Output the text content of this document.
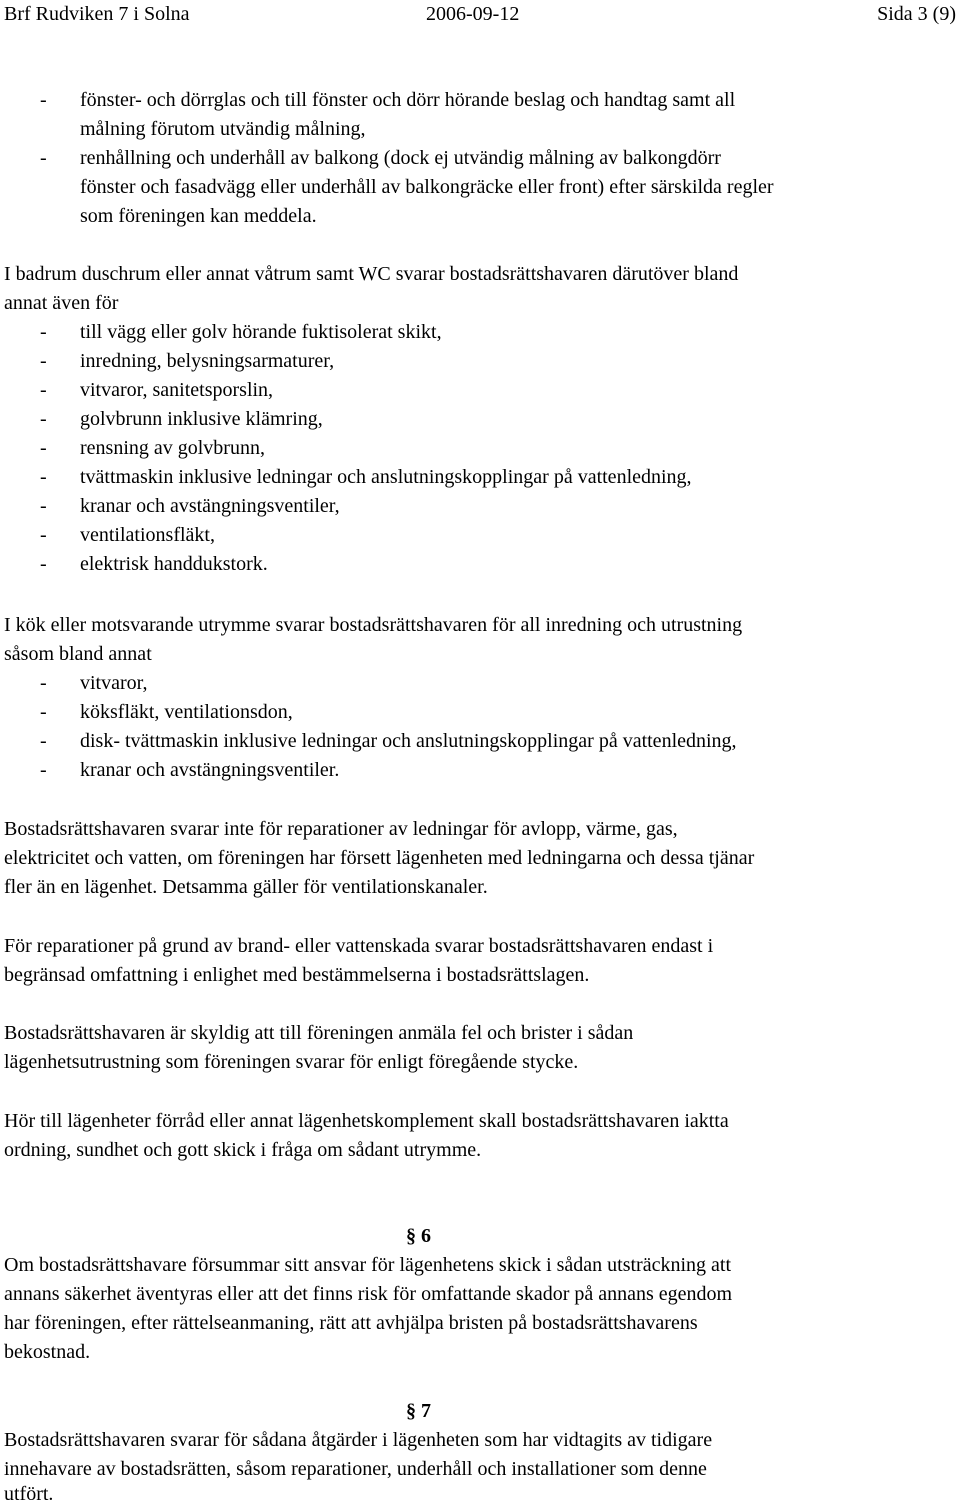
Brf Rudviken 7 i Solna	2006-09-12	Sida 3 (9)
- fönster- och dörrglas och till fönster och dörr hörande beslag och handtag samt all
målning förutom utvändig målning,
- renhållning och underhåll av balkong (dock ej utvändig målning av balkongdörr
fönster och fasadvägg eller underhåll av balkongräcke eller front) efter särskilda regler
som föreningen kan meddela.
I badrum duschrum eller annat våtrum samt WC svarar bostadsrättshavaren därutöver bland
annat även för
- till vägg eller golv hörande fuktisolerat skikt,
- inredning, belysningsarmaturer,
- vitvaror, sanitetsporslin,
- golvbrunn inklusive klämring,
- rensning av golvbrunn,
- tvättmaskin inklusive ledningar och anslutningskopplingar på vattenledning,
- kranar och avstängningsventiler,
- ventilationsfläkt,
- elektrisk handdukstork.
I kök eller motsvarande utrymme svarar bostadsrättshavaren för all inredning och utrustning
såsom bland annat
- vitvaror,
- köksfläkt, ventilationsdon,
- disk- tvättmaskin inklusive ledningar och anslutningskopplingar på vattenledning,
- kranar och avstängningsventiler.
Bostadsrättshavaren svarar inte för reparationer av ledningar för avlopp, värme, gas,
elektricitet och vatten, om föreningen har försett lägenheten med ledningarna och dessa tjänar
fler än en lägenhet. Detsamma gäller för ventilationskanaler.
För reparationer på grund av brand- eller vattenskada svarar bostadsrättshavaren endast i
begränsad omfattning i enlighet med bestämmelserna i bostadsrättslagen.
Bostadsrättshavaren är skyldig att till föreningen anmäla fel och brister i sådan
lägenhetsutrustning som föreningen svarar för enligt föregående stycke.
Hör till lägenheter förråd eller annat lägenhetskomplement skall bostadsrättshavaren iaktta
ordning, sundhet och gott skick i fråga om sådant utrymme.
§ 6
Om bostadsrättshavare försummar sitt ansvar för lägenhetens skick i sådan utsträckning att
annans säkerhet äventyras eller att det finns risk för omfattande skador på annans egendom
har föreningen, efter rättelseanmaning, rätt att avhjälpa bristen på bostadsrättshavarens
bekostnad.
§ 7
Bostadsrättshavaren svarar för sådana åtgärder i lägenheten som har vidtagits av tidigare
innehavare av bostadsrätten, såsom reparationer, underhåll och installationer som denne
utfört.
